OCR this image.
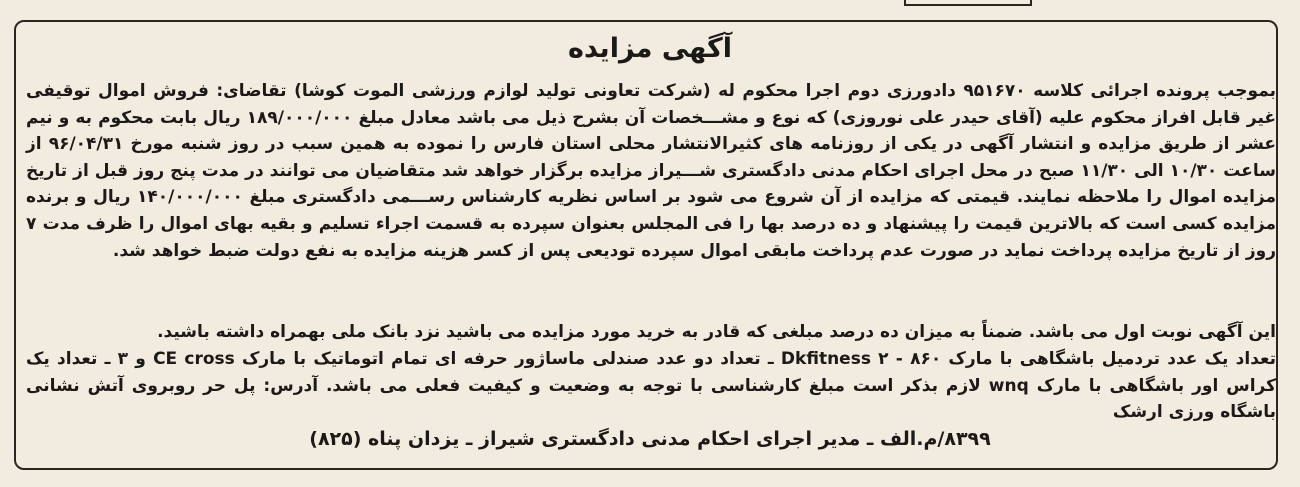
آگهی مزایده

بموجب پرونده اجرائی کلاسه ۹۵۱۶۷۰ دادورزی دوم اجرا محکوم له (شرکت تعاونی تولید لوازم ورزشی الموت کوشا) تقاضای: فروش اموال توقیفی غیر قابل افراز محکوم علیه (آقای حیدر علی نوروزی) که نوع و مشـــخصات آن بشرح ذیل می باشد معادل مبلغ ۱۸۹/۰۰۰/۰۰۰ ریال بابت محکوم به و نیم عشر از طریق مزایده و انتشار آگهی در یکی از روزنامه های کثیرالانتشار محلی استان فارس را نموده به همین سبب در روز شنبه مورخ ۹۶/۰۴/۳۱ از ساعت ۱۰/۳۰ الی ۱۱/۳۰ صبح در محل اجرای احکام مدنی دادگستری شـــیراز مزایده برگزار خواهد شد متقاضیان می توانند در مدت پنج روز قبل از تاریخ مزایده اموال را ملاحظه نمایند. قیمتی که مزایده از آن شروع می شود بر اساس نظریه کارشناس رســـمی دادگستری مبلغ ۱۴۰/۰۰۰/۰۰۰ ریال و برنده مزایده کسی است که بالاترین قیمت را پیشنهاد و ده درصد بها را فی المجلس بعنوان سپرده به قسمت اجراء تسلیم و بقیه بهای اموال را ظرف مدت ۷ روز از تاریخ مزایده پرداخت نماید در صورت عدم پرداخت مابقی اموال سپرده تودیعی پس از کسر هزینه مزایده به نفع دولت ضبط خواهد شد.

این آگهی نوبت اول می باشد. ضمناً به میزان ده درصد مبلغی که قادر به خرید مورد مزایده می باشید نزد بانک ملی بهمراه داشته باشید.

تعداد یک عدد تردمیل باشگاهی با مارک ۸۶۰ - Dkfitness ۲ ـ تعداد دو عدد صندلی ماساژور حرفه ای تمام اتوماتیک با مارک CE cross و ۳ ـ تعداد یک کراس اور باشگاهی با مارک wnq لازم بذکر است مبلغ کارشناسی با توجه به وضعیت و کیفیت فعلی می باشد. آدرس: پل حر روبروی آتش نشانی باشگاه ورزی ارشک

۸۳۹۹/م.الف ـ مدیر اجرای احکام مدنی دادگستری شیراز ـ یزدان پناه (۸۲۵)
